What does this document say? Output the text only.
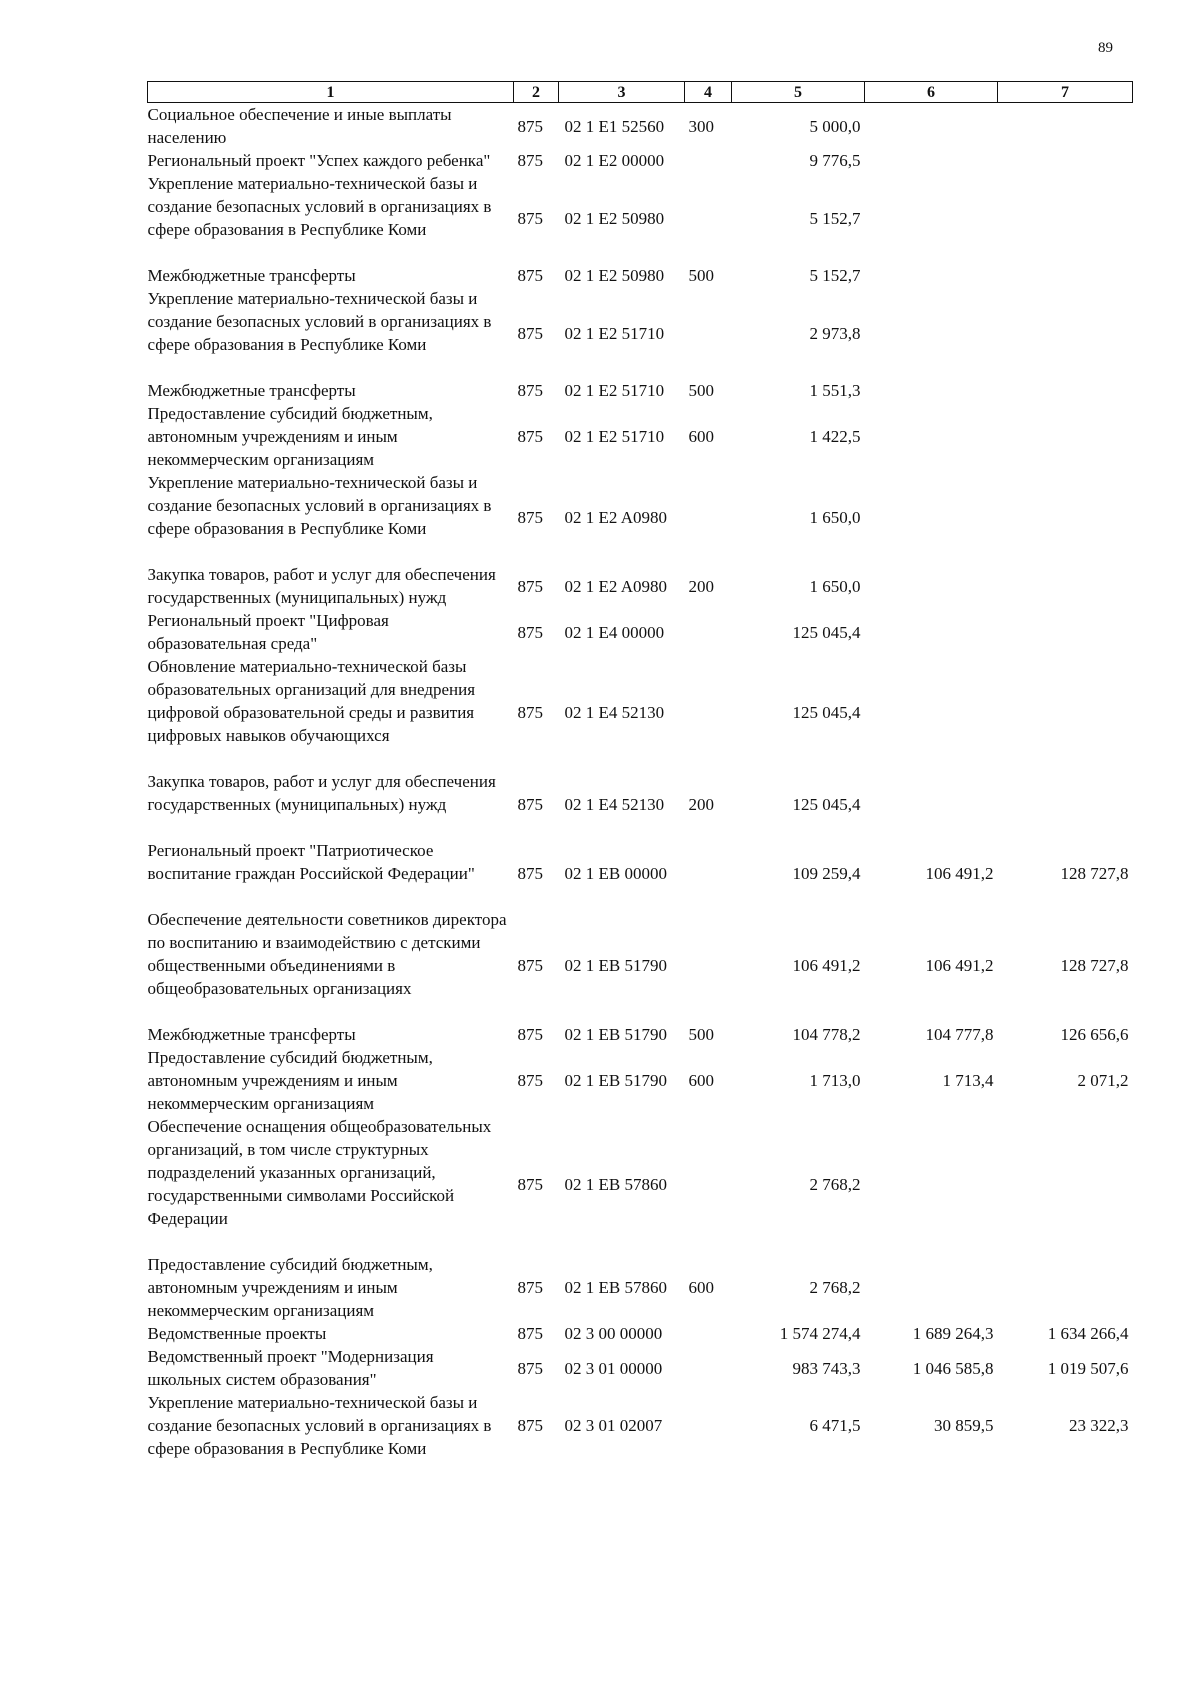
89
1	2	3	4	5	6	7
Социальное обеспечение и иные выплаты населению	875	02 1 E1 52560	300	5 000,0		
Региональный проект "Успех каждого ребенка"	875	02 1 E2 00000		9 776,5		
Укрепление материально-технической базы и создание безопасных условий в организациях в сфере образования в Республике Коми	875	02 1 E2 50980		5 152,7		
Межбюджетные трансферты	875	02 1 E2 50980	500	5 152,7		
Укрепление материально-технической базы и создание безопасных условий в организациях в сфере образования в Республике Коми	875	02 1 E2 51710		2 973,8		
Межбюджетные трансферты	875	02 1 E2 51710	500	1 551,3		
Предоставление субсидий бюджетным, автономным учреждениям и иным некоммерческим организациям	875	02 1 E2 51710	600	1 422,5		
Укрепление материально-технической базы и создание безопасных условий в организациях в сфере образования в Республике Коми	875	02 1 E2 A0980		1 650,0		
Закупка товаров, работ и услуг для обеспечения государственных (муниципальных) нужд	875	02 1 E2 A0980	200	1 650,0		
Региональный проект "Цифровая образовательная среда"	875	02 1 E4 00000		125 045,4		
Обновление материально-технической базы образовательных организаций для внедрения цифровой образовательной среды и развития цифровых навыков обучающихся	875	02 1 E4 52130		125 045,4		
Закупка товаров, работ и услуг для обеспечения государственных (муниципальных) нужд	875	02 1 E4 52130	200	125 045,4		
Региональный проект "Патриотическое воспитание граждан Российской Федерации"	875	02 1 EB 00000		109 259,4	106 491,2	128 727,8
Обеспечение деятельности советников директора по воспитанию и взаимодействию с детскими общественными объединениями в общеобразовательных организациях	875	02 1 EB 51790		106 491,2	106 491,2	128 727,8
Межбюджетные трансферты	875	02 1 EB 51790	500	104 778,2	104 777,8	126 656,6
Предоставление субсидий бюджетным, автономным учреждениям и иным некоммерческим организациям	875	02 1 EB 51790	600	1 713,0	1 713,4	2 071,2
Обеспечение оснащения общеобразовательных организаций, в том числе структурных подразделений указанных организаций, государственными символами Российской Федерации	875	02 1 EB 57860		2 768,2		
Предоставление субсидий бюджетным, автономным учреждениям и иным некоммерческим организациям	875	02 1 EB 57860	600	2 768,2		
Ведомственные проекты	875	02 3 00 00000		1 574 274,4	1 689 264,3	1 634 266,4
Ведомственный проект "Модернизация школьных систем образования"	875	02 3 01 00000		983 743,3	1 046 585,8	1 019 507,6
Укрепление материально-технической базы и создание безопасных условий в организациях в сфере образования в Республике Коми	875	02 3 01 02007		6 471,5	30 859,5	23 322,3
